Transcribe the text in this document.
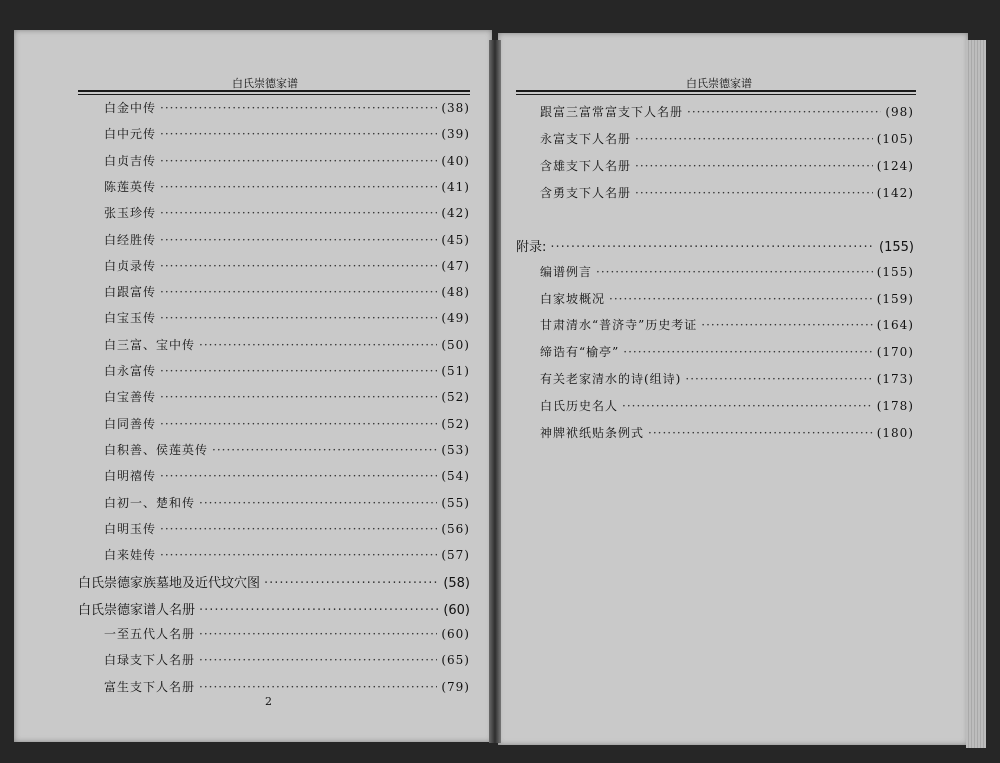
白氏崇德家谱	白氏崇德家谱
白金中传 ·····	(38)
白中元传 ·····	(39)
白贞吉传 ·····	(40)
陈莲英传 ·····	(41)
张玉珍传 ·····	(42)
白经胜传 ·····	(45)
白贞录传 ·····	(47)
白跟富传 ·····	(48)
白宝玉传 ·····	(49)
白三富、宝中传 ·····	(50)
白永富传 ·····	(51)
白宝善传 ·····	(52)
白同善传 ·····	(52)
白积善、侯莲英传 ·····	(53)
白明禧传 ·····	(54)
白初一、楚和传 ·····	(55)
白明玉传 ·····	(56)
白来娃传 ·····	(57)
白氏崇德家族墓地及近代坟穴图 ·····	(58)
白氏崇德家谱人名册 ·····	(60)
一至五代人名册 ·····	(60)
白琭支下人名册 ·····	(65)
富生支下人名册 ·····	(79)
跟富三富常富支下人名册 ·····	(98)
永富支下人名册 ·····	(105)
含雄支下人名册 ·····	(124)
含勇支下人名册 ·····	(142)
附录: ·····	(155)
编谱例言 ·····	(155)
白家坡概况 ·····	(159)
甘肃清水“普济寺”历史考证 ·····	(164)
缔诰有“榆亭” ·····	(170)
有关老家清水的诗(组诗) ·····	(173)
白氏历史名人 ·····	(178)
神牌袱纸贴条例式 ·····	(180)
2
